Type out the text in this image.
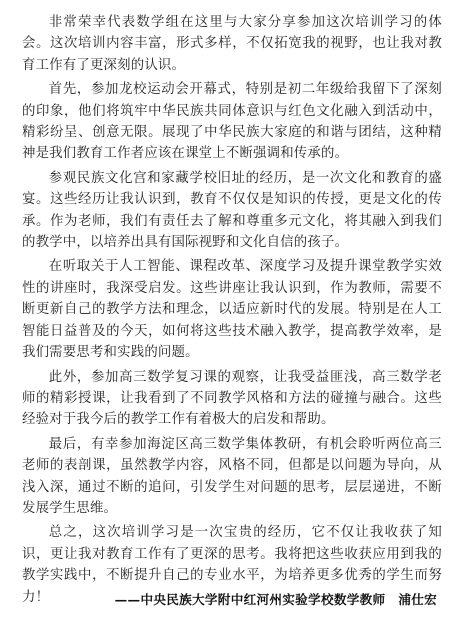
非常荣幸代表数学组在这里与大家分享参加这次培训学习的体会。这次培训内容丰富，形式多样，不仅拓宽我的视野，也让我对教育工作有了更深刻的认识。

首先，参加龙校运动会开幕式，特别是初二年级给我留下了深刻的印象，他们将筑牢中华民族共同体意识与红色文化融入到活动中，精彩纷呈、创意无限。展现了中华民族大家庭的和谐与团结，这种精神是我们教育工作者应该在课堂上不断强调和传承的。

参观民族文化宫和家藏学校旧址的经历，是一次文化和教育的盛宴。这些经历让我认识到，教育不仅仅是知识的传授，更是文化的传承。作为老师，我们有责任去了解和尊重多元文化，将其融入到我们的教学中，以培养出具有国际视野和文化自信的孩子。

在听取关于人工智能、课程改革、深度学习及提升课堂教学实效性的讲座时，我深受启发。这些讲座让我认识到，作为教师，需要不断更新自己的教学方法和理念，以适应新时代的发展。特别是在人工智能日益普及的今天，如何将这些技术融入教学，提高教学效率，是我们需要思考和实践的问题。

此外，参加高三数学复习课的观察，让我受益匪浅，高三数学老师的精彩授课，让我看到了不同教学风格和方法的碰撞与融合。这些经验对于我今后的教学工作有着极大的启发和帮助。

最后，有幸参加海淀区高三数学集体教研，有机会聆听两位高三老师的表剖课，虽然教学内容，风格不同，但都是以问题为导向，从浅入深，通过不断的追问，引发学生对问题的思考，层层递进，不断发展学生思维。

总之，这次培训学习是一次宝贵的经历，它不仅让我收获了知识，更让我对教育工作有了更深的思考。我将把这些收获应用到我的教学实践中，不断提升自己的专业水平，为培养更多优秀的学生而努力！	——中央民族大学附中红河州实验学校数学教师　浦仕宏
